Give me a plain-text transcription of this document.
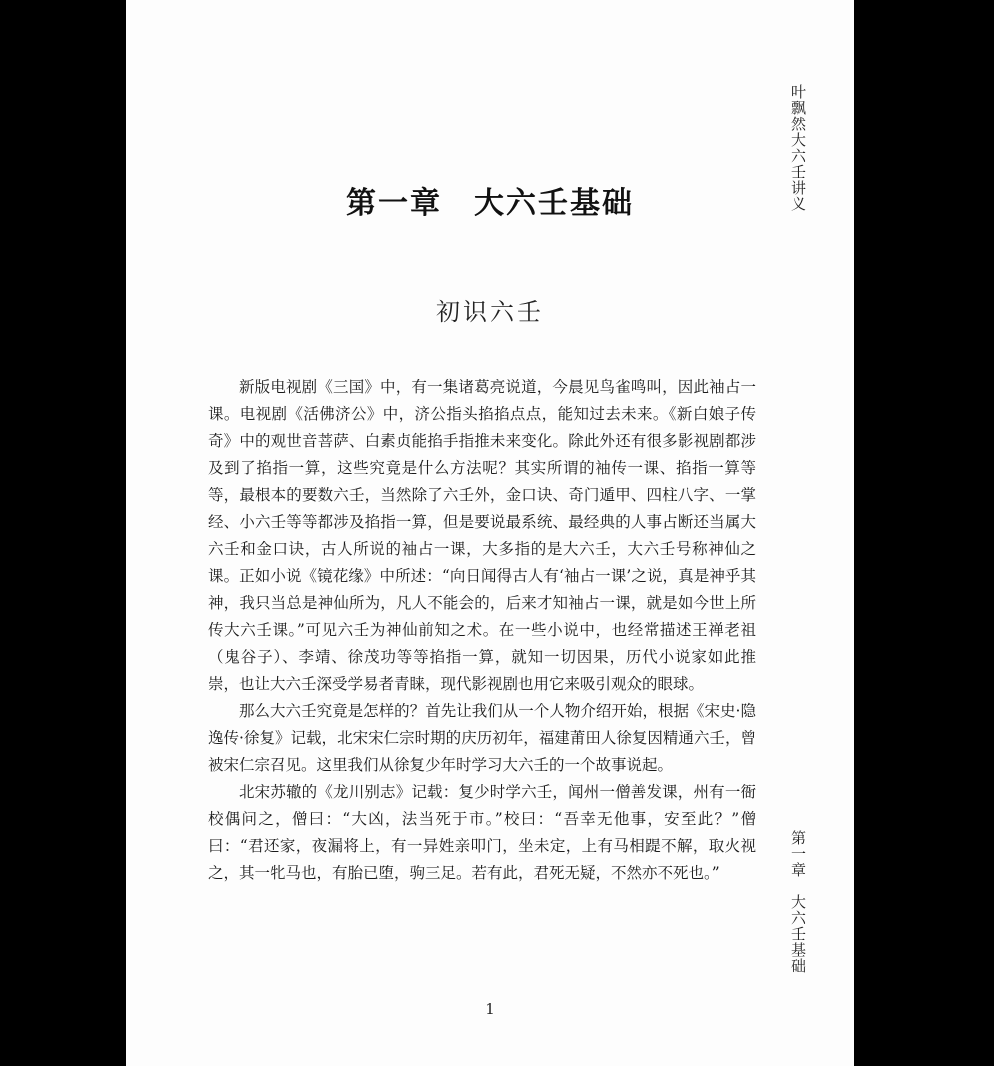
叶飘然大六壬讲义
第一章　大六壬基础
初识六壬

新版电视剧《三国》中，有一集诸葛亮说道，今晨见鸟雀鸣叫，因此袖占一课。电视剧《活佛济公》中，济公指头掐掐点点，能知过去未来。《新白娘子传奇》中的观世音菩萨、白素贞能掐手指推未来变化。除此外还有很多影视剧都涉及到了掐指一算，这些究竟是什么方法呢？其实所谓的袖传一课、掐指一算等等，最根本的要数六壬，当然除了六壬外，金口诀、奇门遁甲、四柱八字、一掌经、小六壬等等都涉及掐指一算，但是要说最系统、最经典的人事占断还当属大六壬和金口诀，古人所说的袖占一课，大多指的是大六壬，大六壬号称神仙之课。正如小说《镜花缘》中所述：“向日闻得古人有‘袖占一课’之说，真是神乎其神，我只当总是神仙所为，凡人不能会的，后来才知袖占一课，就是如今世上所传大六壬课。”可见六壬为神仙前知之术。在一些小说中，也经常描述王禅老祖（鬼谷子）、李靖、徐茂功等等掐指一算，就知一切因果，历代小说家如此推崇，也让大六壬深受学易者青睐，现代影视剧也用它来吸引观众的眼球。

那么大六壬究竟是怎样的？首先让我们从一个人物介绍开始，根据《宋史·隐逸传·徐复》记载，北宋宋仁宗时期的庆历初年，福建莆田人徐复因精通六壬，曾被宋仁宗召见。这里我们从徐复少年时学习大六壬的一个故事说起。

北宋苏辙的《龙川别志》记载：复少时学六壬，闻州一僧善发课，州有一衙校偶问之，僧曰：“大凶，法当死于市。”校曰：“吾幸无他事，安至此？”僧曰：“君还家，夜漏将上，有一异姓亲叩门，坐未定，上有马相踶不解，取火视之，其一牝马也，有胎已堕，驹三足。若有此，君死无疑，不然亦不死也。”	第一章　大六壬基础
1
